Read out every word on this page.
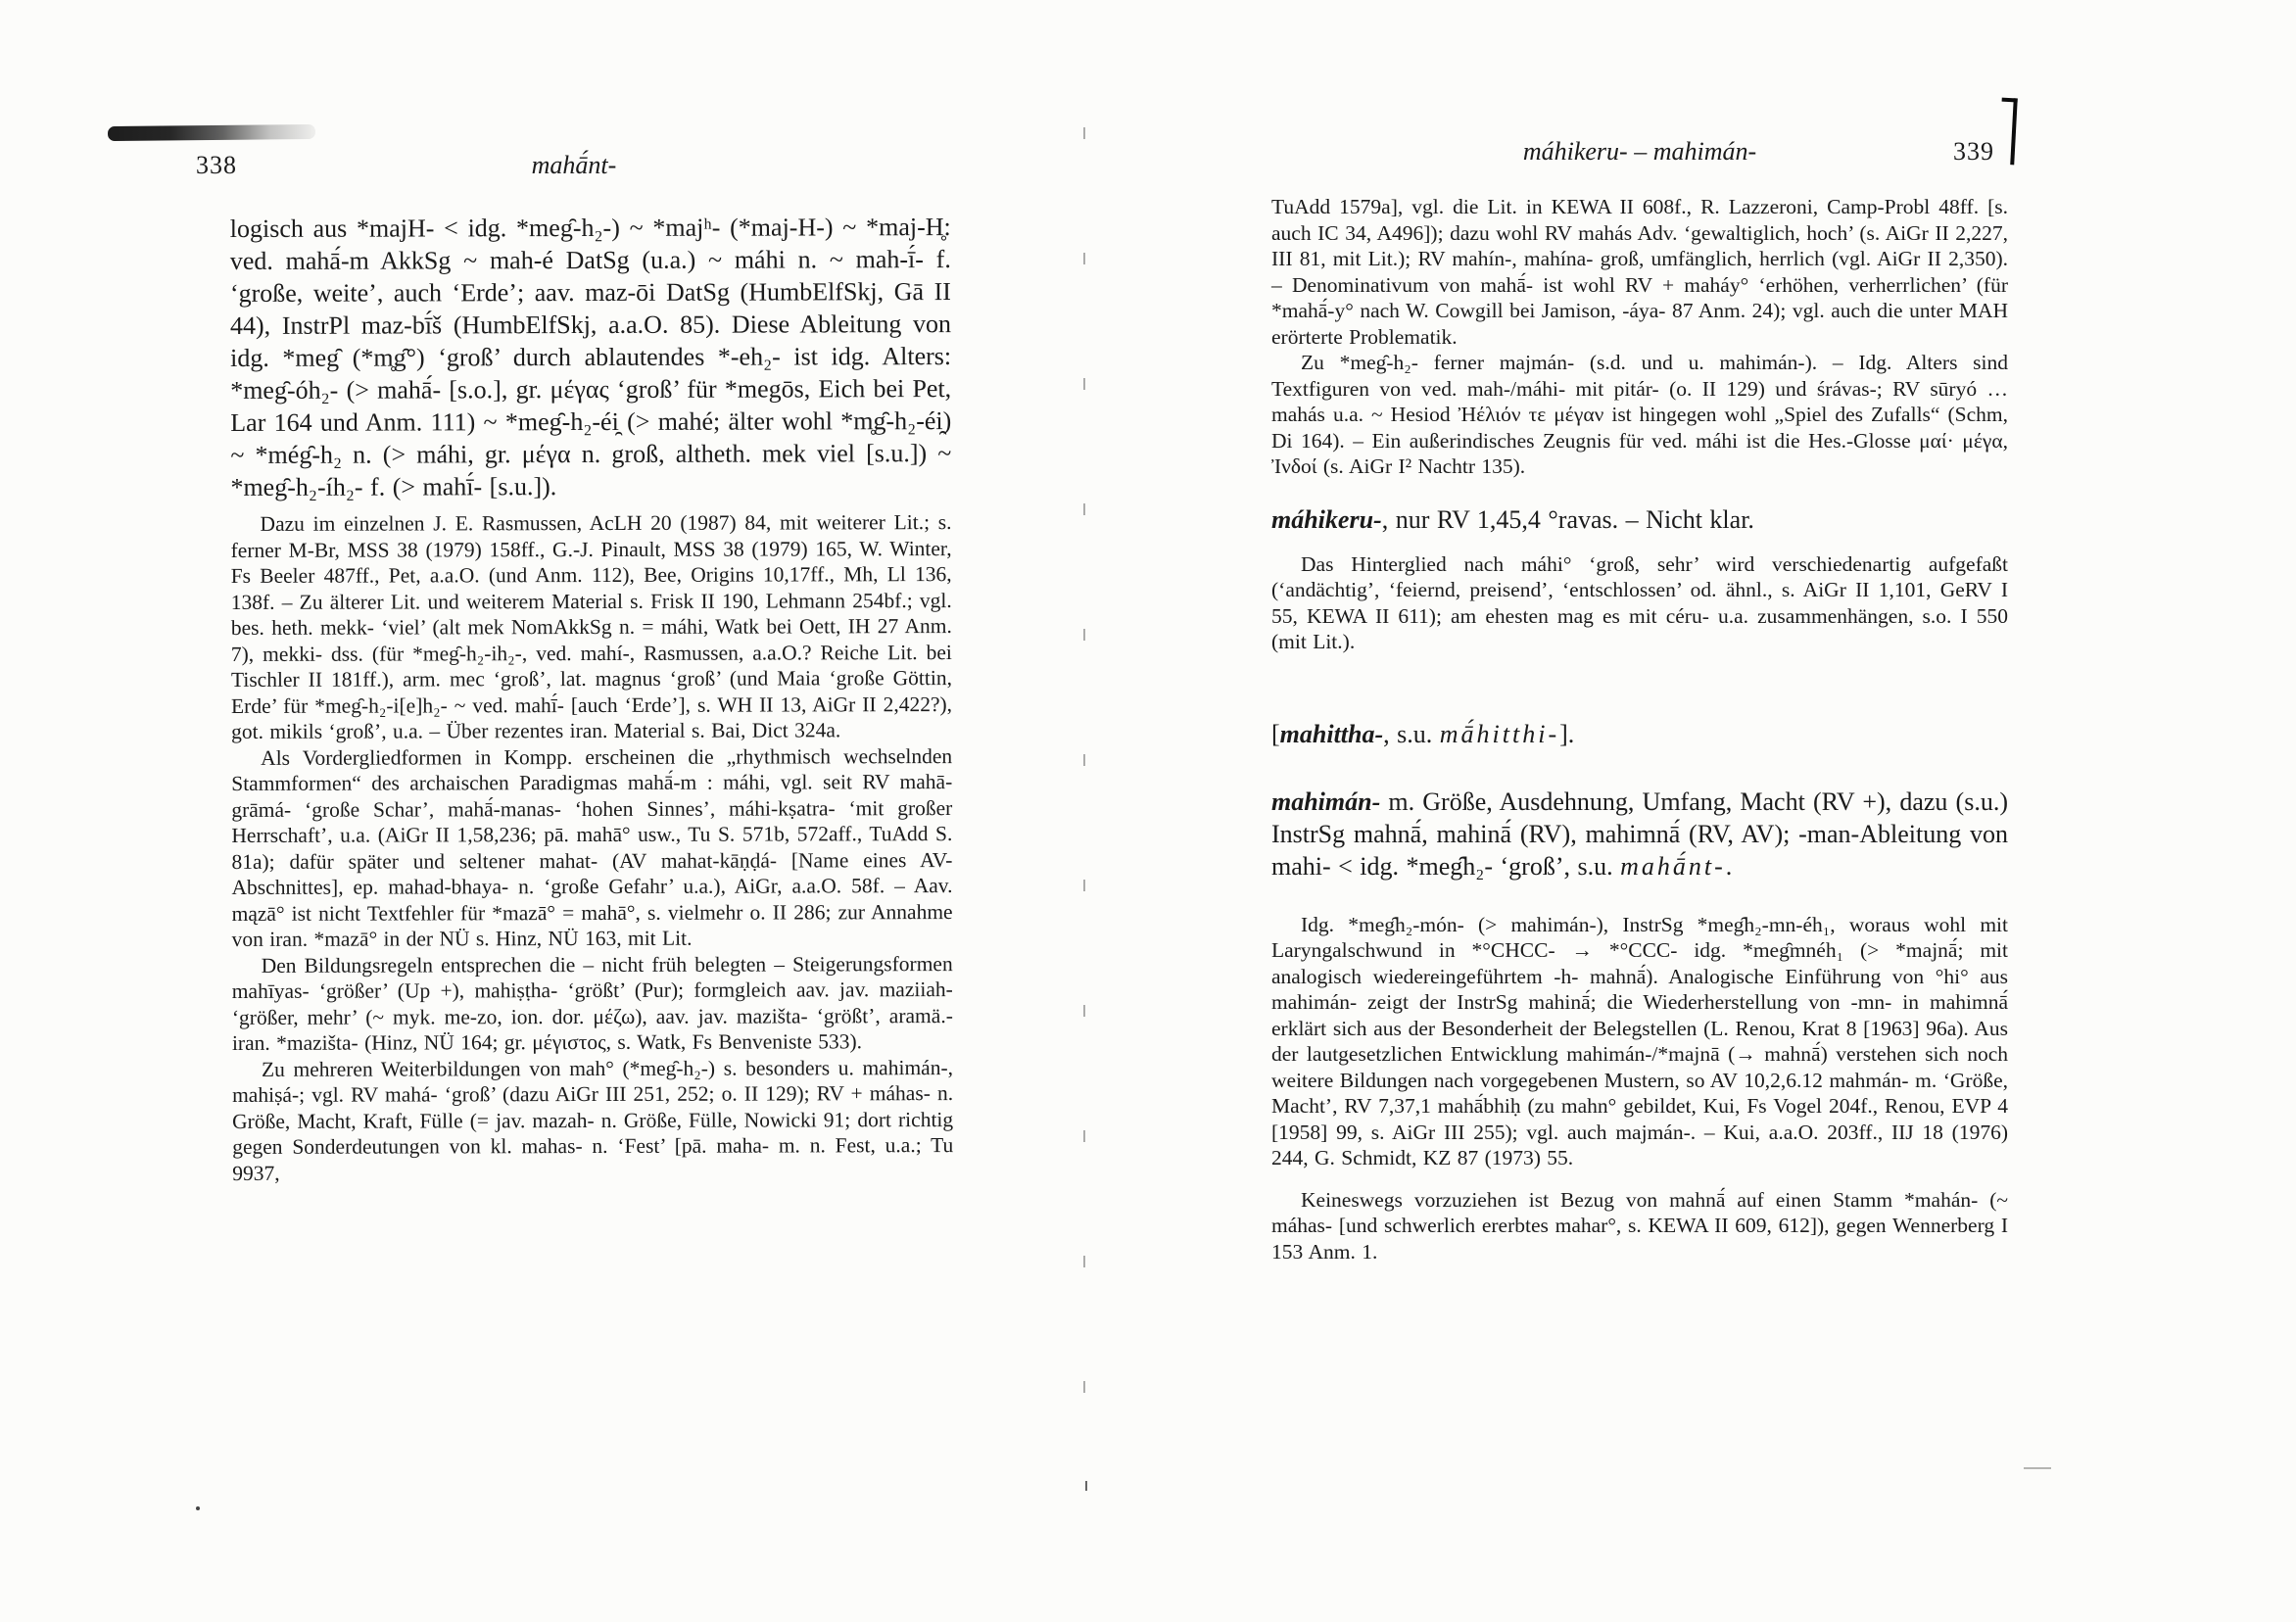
338	mahā́nt-

logisch aus *majH- < idg. *meg̑-h₂-) ~ *majʰ- (*maj-H-) ~ *maj-H̥: ved. mahā́-m AkkSg ~ mah-é DatSg (u.a.) ~ máhi n. ~ mah-ī́- f. ‘große, weite’, auch ‘Erde’; aav. maz-ōi DatSg (HumbElfSkj, Gā II 44), InstrPl maz-bī́š (HumbElfSkj, a.a.O. 85). Diese Ableitung von idg. *meg̑ (*m̥g̑°) ‘groß’ durch ablautendes *-eh₂- ist idg. Alters: *meg̑-óh₂- (> mahā́- [s.o.], gr. μέγας ‘groß’ für *megōs, Eich bei Pet, Lar 164 und Anm. 111) ~ *meg̑-h₂-éi̯ (> mahé; älter wohl *m̥g̑-h₂-éi̯) ~ *még̑-h₂ n. (> máhi, gr. μέγα n. groß, altheth. mek viel [s.u.]) ~ *meg̑-h₂-íh₂- f. (> mahī́- [s.u.]).

Dazu im einzelnen J. E. Rasmussen, AcLH 20 (1987) 84, mit weiterer Lit.; s. ferner M-Br, MSS 38 (1979) 158ff., G.-J. Pinault, MSS 38 (1979) 165, W. Winter, Fs Beeler 487ff., Pet, a.a.O. (und Anm. 112), Bee, Origins 10,17ff., Mh, Ll 136, 138f. – Zu älterer Lit. und weiterem Material s. Frisk II 190, Lehmann 254bf.; vgl. bes. heth. mekk- ‘viel’ (alt mek NomAkkSg n. = máhi, Watk bei Oett, IH 27 Anm. 7), mekki- dss. (für *meg̑-h₂-ih₂-, ved. mahí-, Rasmussen, a.a.O.? Reiche Lit. bei Tischler II 181ff.), arm. mec ‘groß’, lat. magnus ‘groß’ (und Maia ‘große Göttin, Erde’ für *meg̑-h₂-i[e]h₂- ~ ved. mahī́- [auch ‘Erde’], s. WH II 13, AiGr II 2,422?), got. mikils ‘groß’, u.a. – Über rezentes iran. Material s. Bai, Dict 324a.

Als Vordergliedformen in Kompp. erscheinen die „rhythmisch wechselnden Stammformen“ des archaischen Paradigmas mahā́-m : máhi, vgl. seit RV mahā-grāmá- ‘große Schar’, mahā́-manas- ‘hohen Sinnes’, máhi-kṣatra- ‘mit großer Herrschaft’, u.a. (AiGr II 1,58,236; pā. mahā° usw., Tu S. 571b, 572aff., TuAdd S. 81a); dafür später und seltener mahat- (AV mahat-kāṇḍá- [Name eines AV-Abschnittes], ep. mahad-bhaya- n. ‘große Gefahr’ u.a.), AiGr, a.a.O. 58f. – Aav. mązā° ist nicht Textfehler für *mazā° = mahā°, s. vielmehr o. II 286; zur Annahme von iran. *mazā° in der NÜ s. Hinz, NÜ 163, mit Lit.

Den Bildungsregeln entsprechen die – nicht früh belegten – Steigerungsformen mahīyas- ‘größer’ (Up +), mahiṣṭha- ‘größt’ (Pur); formgleich aav. jav. maziiah- ‘größer, mehr’ (~ myk. me-zo, ion. dor. μέζω), aav. jav. mazišta- ‘größt’, aramä.-iran. *mazišta- (Hinz, NÜ 164; gr. μέγιστος, s. Watk, Fs Benveniste 533).

Zu mehreren Weiterbildungen von mah° (*meg̑-h₂-) s. besonders u. mahimán-, mahiṣá-; vgl. RV mahá- ‘groß’ (dazu AiGr III 251, 252; o. II 129); RV + máhas- n. Größe, Macht, Kraft, Fülle (= jav. mazah- n. Größe, Fülle, Nowicki 91; dort richtig gegen Sonderdeutungen von kl. mahas- n. ‘Fest’ [pā. maha- m. n. Fest, u.a.; Tu 9937,

máhikeru- – mahimán-	339

TuAdd 1579a], vgl. die Lit. in KEWA II 608f., R. Lazzeroni, Camp-Probl 48ff. [s. auch IC 34, A496]); dazu wohl RV mahás Adv. ‘gewaltiglich, hoch’ (s. AiGr II 2,227, III 81, mit Lit.); RV mahín-, mahína- groß, umfänglich, herrlich (vgl. AiGr II 2,350). – Denominativum von mahā́- ist wohl RV + maháy° ‘erhöhen, verherrlichen’ (für *mahā́-y° nach W. Cowgill bei Jamison, -áya- 87 Anm. 24); vgl. auch die unter MAH erörterte Problematik.

Zu *meg̑-h₂- ferner majmán- (s.d. und u. mahimán-). – Idg. Alters sind Textfiguren von ved. mah-/máhi- mit pitár- (o. II 129) und śrávas-; RV sūryó … mahás u.a. ~ Hesiod Ἠέλιόν τε μέγαν ist hingegen wohl „Spiel des Zufalls“ (Schm, Di 164). – Ein außerindisches Zeugnis für ved. máhi ist die Hes.-Glosse μαί· μέγα, Ἰνδοί (s. AiGr I² Nachtr 135).

máhikeru-, nur RV 1,45,4 °ravas. – Nicht klar.

Das Hinterglied nach máhi° ‘groß, sehr’ wird verschiedenartig aufgefaßt (‘andächtig’, ‘feiernd, preisend’, ‘entschlossen’ od. ähnl., s. AiGr II 1,101, GeRV I 55, KEWA II 611); am ehesten mag es mit céru- u.a. zusammenhängen, s.o. I 550 (mit Lit.).

[mahittha-, s.u. mā́hitthi-].

mahimán- m. Größe, Ausdehnung, Umfang, Macht (RV +), dazu (s.u.) InstrSg mahnā́, mahinā́ (RV), mahimnā́ (RV, AV); -man-Ableitung von mahi- < idg. *meg̑h₂- ‘groß’, s.u. mahā́nt-.

Idg. *meg̑h₂-món- (> mahimán-), InstrSg *meg̑h₂-mn-éh₁, woraus wohl mit Laryngalschwund in *°CHCC- → *°CCC- idg. *meg̑mnéh₁ (> *majnā́; mit analogisch wiedereingeführtem -h- mahnā́). Analogische Einführung von °hi° aus mahimán- zeigt der InstrSg mahinā́; die Wiederherstellung von -mn- in mahimnā́ erklärt sich aus der Besonderheit der Belegstellen (L. Renou, Krat 8 [1963] 96a). Aus der lautgesetzlichen Entwicklung mahimán-/*majnā (→ mahnā́) verstehen sich noch weitere Bildungen nach vorgegebenen Mustern, so AV 10,2,6.12 mahmán- m. ‘Größe, Macht’, RV 7,37,1 mahā́bhiḥ (zu mahn° gebildet, Kui, Fs Vogel 204f., Renou, EVP 4 [1958] 99, s. AiGr III 255); vgl. auch majmán-. – Kui, a.a.O. 203ff., IIJ 18 (1976) 244, G. Schmidt, KZ 87 (1973) 55.

Keineswegs vorzuziehen ist Bezug von mahnā́ auf einen Stamm *mahán- (~ máhas- [und schwerlich ererbtes mahar°, s. KEWA II 609, 612]), gegen Wennerberg I 153 Anm. 1.
